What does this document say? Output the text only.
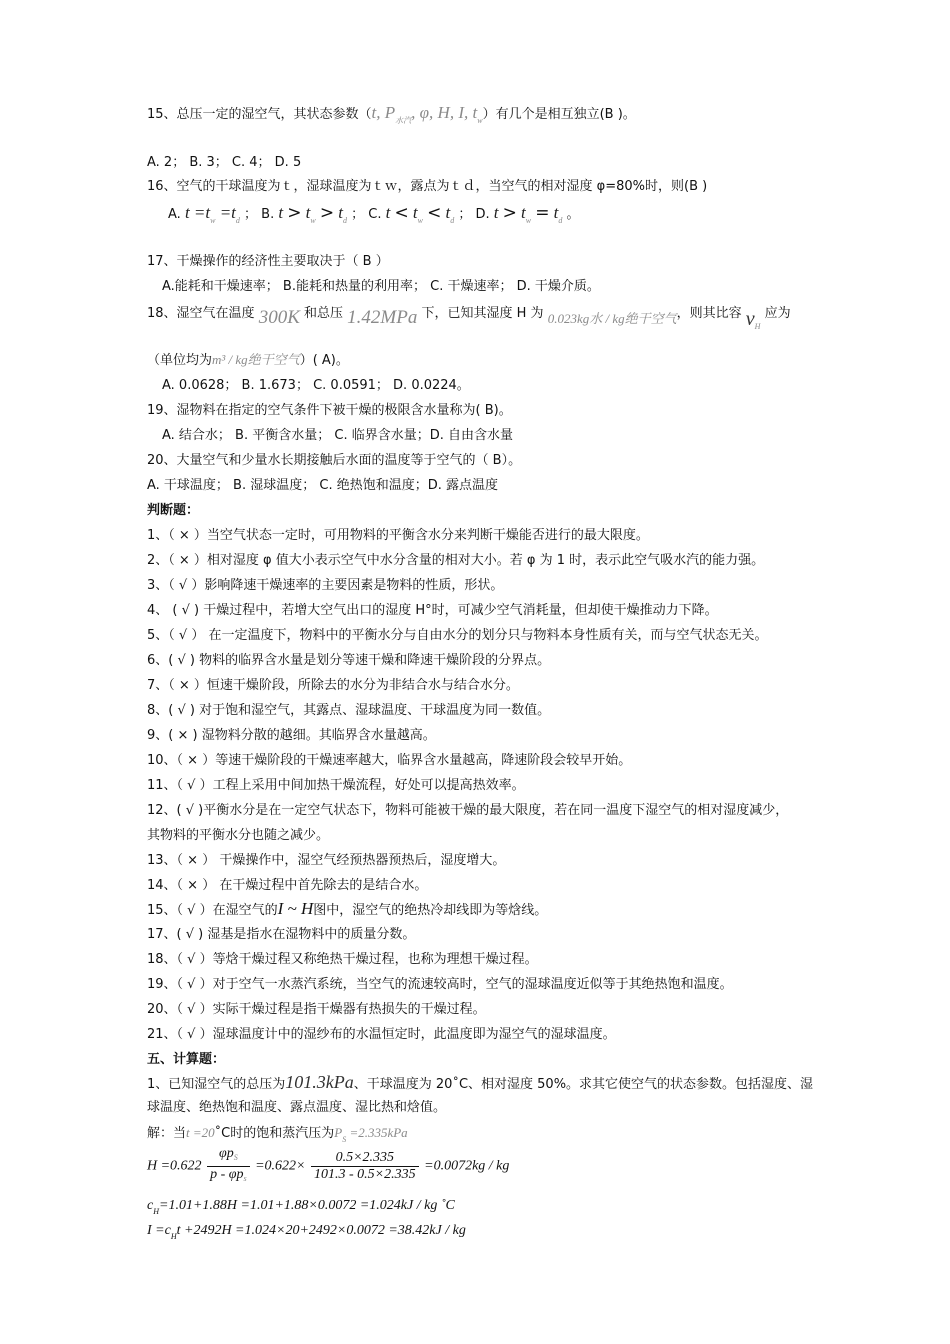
15、总压一定的湿空气，其状态参数（t, $P_{水汽}$, φ, H, I, $t_w$）有几个是相互独立(B )。
A. 2； B. 3； C. 4； D. 5
16、空气的干球温度为ｔ，湿球温度为ｔｗ，露点为ｔｄ，当空气的相对湿度 φ=80%时，则(B )
A. $t =t_w =t_d$ ； B. $t > t_w > t_d$ ； C. $t < t_w < t_d$ ； D. $t > t_w = t_d$ 。
17、干燥操作的经济性主要取决于（ B ）
A.能耗和干燥速率； B.能耗和热量的利用率； C. 干燥速率； D. 干燥介质。
18、湿空气在温度 300K 和总压 1.42MPa 下，已知其湿度 H 为 0.023kg水 / kg绝干空气，则其比容 $\nu_H$ 应为
（单位均为m³ / kg绝干空气）( A)。
A. 0.0628； B. 1.673； C. 0.0591； D. 0.0224。
19、湿物料在指定的空气条件下被干燥的极限含水量称为( B)。
A. 结合水； B. 平衡含水量； C. 临界含水量；D. 自由含水量
20、大量空气和少量水长期接触后水面的温度等于空气的（ B）。
A. 干球温度； B. 湿球温度； C. 绝热饱和温度；D. 露点温度
判断题：
1、（ × ）当空气状态一定时，可用物料的平衡含水分来判断干燥能否进行的最大限度。
2、（ × ）相对湿度 φ 值大小表示空气中水分含量的相对大小。若 φ 为 1 时，表示此空气吸水汽的能力强。
3、（ √ ）影响降速干燥速率的主要因素是物料的性质，形状。
4、 ( √ ) 干燥过程中，若增大空气出口的湿度 H°时，可减少空气消耗量，但却使干燥推动力下降。
5、（ √ ） 在一定温度下，物料中的平衡水分与自由水分的划分只与物料本身性质有关，而与空气状态无关。
6、( √ ) 物料的临界含水量是划分等速干燥和降速干燥阶段的分界点。
7、（ × ）恒速干燥阶段，所除去的水分为非结合水与结合水分。
8、( √ ) 对于饱和湿空气，其露点、湿球温度、干球温度为同一数值。
9、( × ) 湿物料分散的越细。其临界含水量越高。
10、（ × ）等速干燥阶段的干燥速率越大，临界含水量越高，降速阶段会较早开始。
11、（ √ ）工程上采用中间加热干燥流程，好处可以提高热效率。
12、( √ )平衡水分是在一定空气状态下，物料可能被干燥的最大限度，若在同一温度下湿空气的相对湿度减少，
其物料的平衡水分也随之减少。
13、（ × ） 干燥操作中，湿空气经预热器预热后，湿度增大。
14、（ × ） 在干燥过程中首先除去的是结合水。
15、（ √ ）在湿空气的I ~ H图中，湿空气的绝热冷却线即为等焓线。
17、( √ ) 湿基是指水在湿物料中的质量分数。
18、（ √ ）等焓干燥过程又称绝热干燥过程，也称为理想干燥过程。
19、（ √ ）对于空气一水蒸汽系统，当空气的流速较高时，空气的湿球温度近似等于其绝热饱和温度。
20、（ √ ）实际干燥过程是指干燥器有热损失的干燥过程。
21、（ √ ）湿球温度计中的湿纱布的水温恒定时，此温度即为湿空气的湿球温度。
五、计算题：
1、已知湿空气的总压为101.3kPa、干球温度为 20˚C、相对湿度 50%。求其它使空气的状态参数。包括湿度、湿
球温度、绝热饱和温度、露点温度、湿比热和焓值。
解：当t =20˚C时的饱和蒸汽压为$P_S =2.335kPa$
$H =0.622 \frac{\varphi p_S}{p - \varphi p_s} =0.622\times \frac{0.5\times 2.335}{101.3 - 0.5\times 2.335} =0.0072kg$ / kg
$c_H=1.01+1.88H =1.01+1.88\times 0.0072 =1.024kJ$ / kg ˚C
$I =c_Ht +2492H =1.024\times 20+2492\times 0.0072 =38.42kJ$ / kg
